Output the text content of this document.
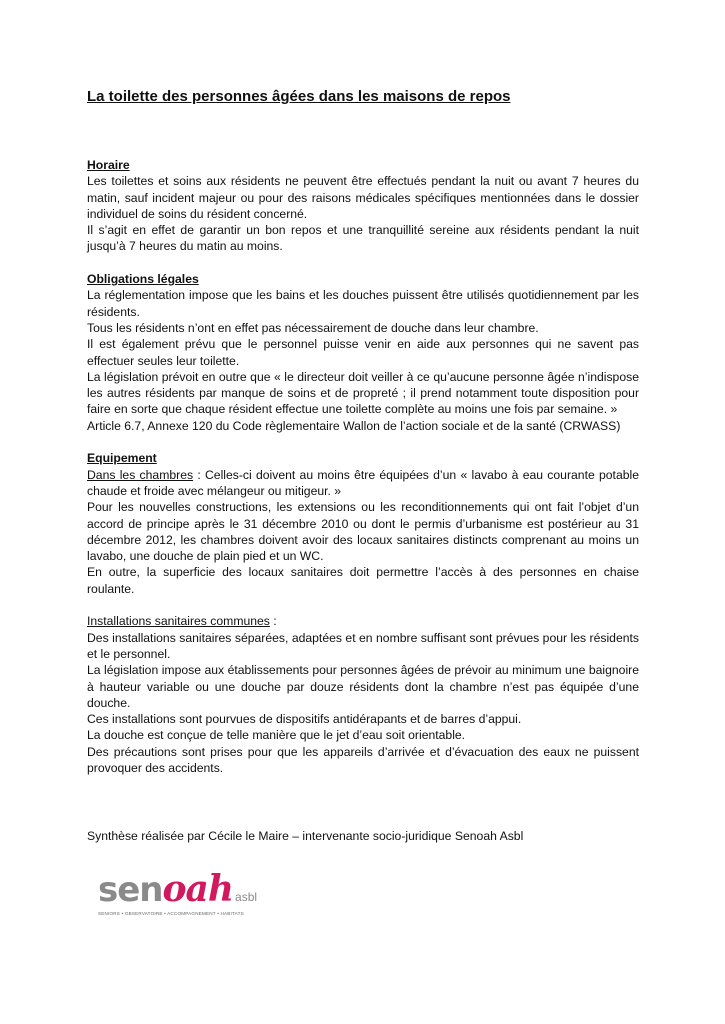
La toilette des personnes âgées dans les maisons de repos

Horaire

Les toilettes et soins aux résidents ne peuvent être effectués pendant la nuit ou avant 7 heures du matin, sauf incident majeur ou pour des raisons médicales spécifiques mentionnées dans le dossier individuel de soins du résident concerné.

Il s’agit en effet de garantir un bon repos et une tranquillité sereine aux résidents pendant la nuit jusqu’à 7 heures du matin au moins.

Obligations légales

La réglementation impose que les bains et les douches puissent être utilisés quotidiennement par les résidents.

Tous les résidents n’ont en effet pas nécessairement de douche dans leur chambre.

Il est également prévu que le personnel puisse venir en aide aux personnes qui ne savent pas effectuer seules leur toilette.

La législation prévoit en outre que « le directeur doit veiller à ce qu’aucune personne âgée n’indispose les autres résidents par manque de soins et de propreté ; il prend notamment toute disposition pour faire en sorte que chaque résident effectue une toilette complète au moins une fois par semaine. »

Article 6.7, Annexe 120 du Code règlementaire Wallon de l’action sociale et de la santé (CRWASS)

Equipement

Dans les chambres : Celles-ci doivent au moins être équipées d’un « lavabo à eau courante potable chaude et froide avec mélangeur ou mitigeur. »

Pour les nouvelles constructions, les extensions ou les reconditionnements qui ont fait l’objet d’un accord de principe après le 31 décembre 2010 ou dont le permis d’urbanisme est postérieur au 31 décembre 2012, les chambres doivent avoir des locaux sanitaires distincts comprenant au moins un lavabo, une douche de plain pied et un WC.

En outre, la superficie des locaux sanitaires doit permettre l’accès à des personnes en chaise roulante.

Installations sanitaires communes :

Des installations sanitaires séparées, adaptées et en nombre suffisant sont prévues pour les résidents et le personnel.

La législation impose aux établissements pour personnes âgées de prévoir au minimum une baignoire à hauteur variable ou une douche par douze résidents dont la chambre n’est pas équipée d’une douche.

Ces installations sont pourvues de dispositifs antidérapants et de barres d’appui.

La douche est conçue de telle manière que le jet d’eau soit orientable.

Des précautions sont prises pour que les appareils d’arrivée et d’évacuation des eaux ne puissent provoquer des accidents.

Synthèse réalisée par Cécile le Maire – intervenante socio-juridique Senoah Asbl
sen oah asbl
SENIORS • OBSERVATOIRE • ACCOMPAGNEMENT • HABITATS
